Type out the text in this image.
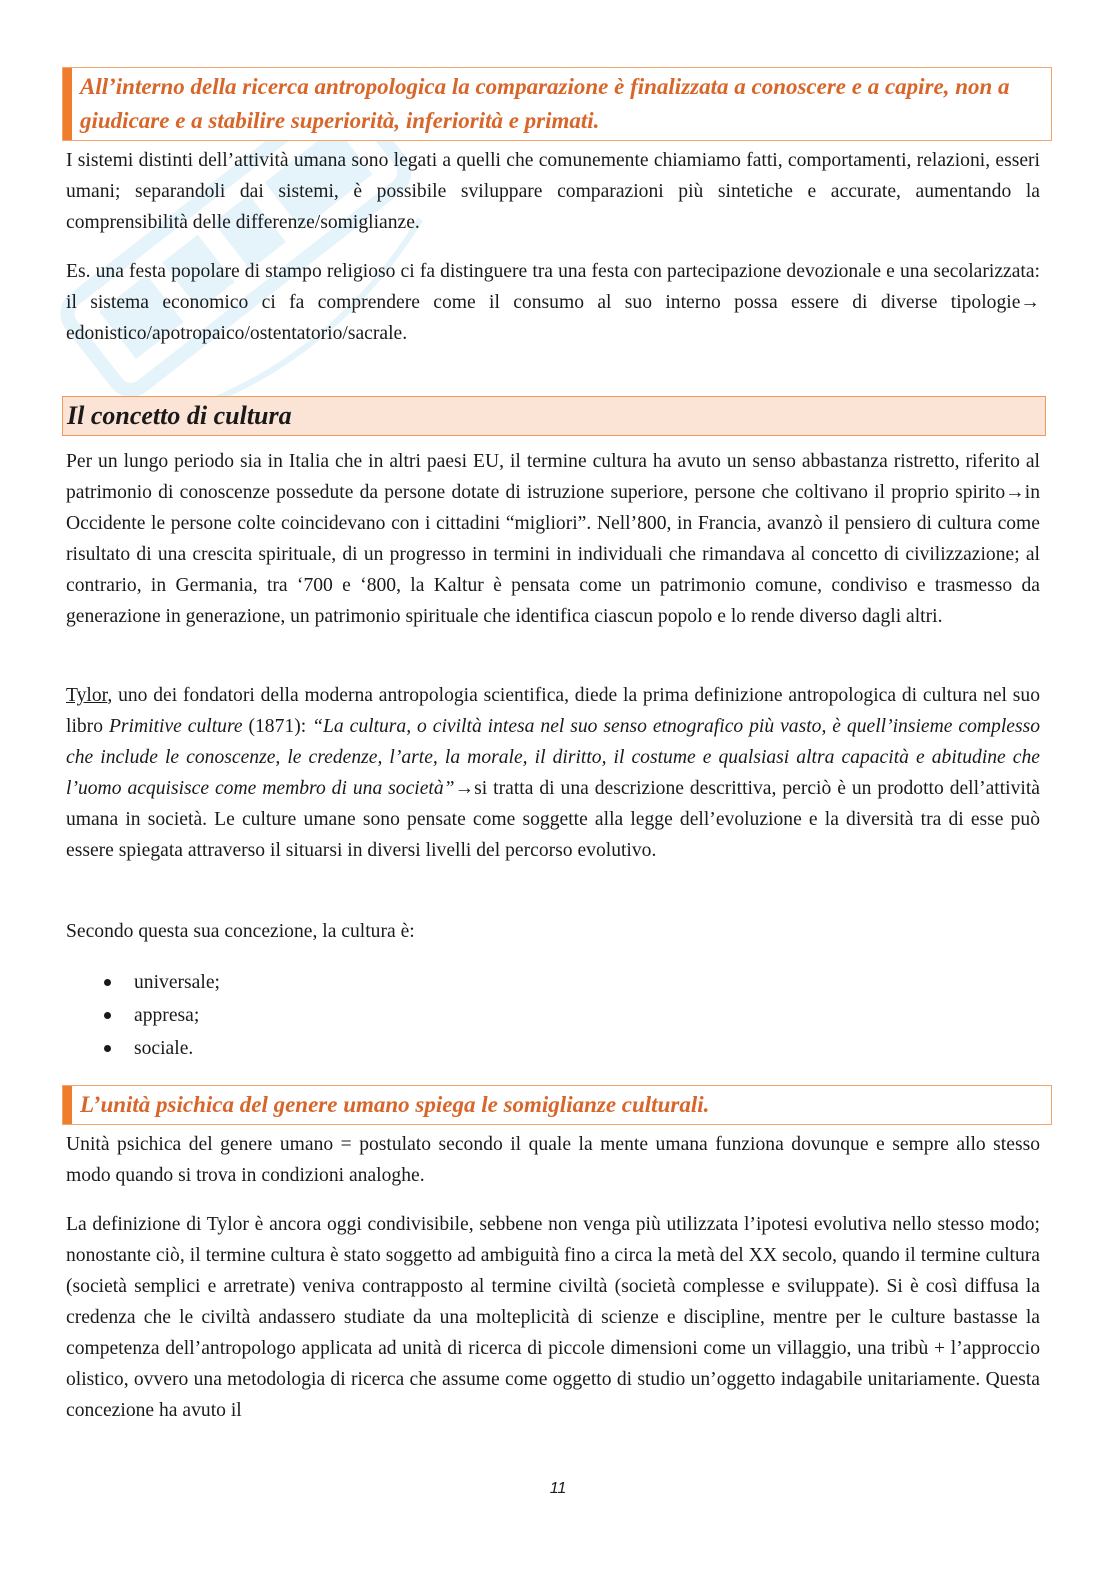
All’interno della ricerca antropologica la comparazione è finalizzata a conoscere e a capire, non a giudicare e a stabilire superiorità, inferiorità e primati.

I sistemi distinti dell’attività umana sono legati a quelli che comunemente chiamiamo fatti, comportamenti, relazioni, esseri umani; separandoli dai sistemi, è possibile sviluppare comparazioni più sintetiche e accurate, aumentando la comprensibilità delle differenze/somiglianze.

Es. una festa popolare di stampo religioso ci fa distinguere tra una festa con partecipazione devozionale e una secolarizzata: il sistema economico ci fa comprendere come il consumo al suo interno possa essere di diverse tipologie→ edonistico/apotropaico/ostentatorio/sacrale.

Il concetto di cultura

Per un lungo periodo sia in Italia che in altri paesi EU, il termine cultura ha avuto un senso abbastanza ristretto, riferito al patrimonio di conoscenze possedute da persone dotate di istruzione superiore, persone che coltivano il proprio spirito→in Occidente le persone colte coincidevano con i cittadini “migliori”. Nell’800, in Francia, avanzò il pensiero di cultura come risultato di una crescita spirituale, di un progresso in termini in individuali che rimandava al concetto di civilizzazione; al contrario, in Germania, tra ‘700 e ‘800, la Kaltur è pensata come un patrimonio comune, condiviso e trasmesso da generazione in generazione, un patrimonio spirituale che identifica ciascun popolo e lo rende diverso dagli altri.

Tylor, uno dei fondatori della moderna antropologia scientifica, diede la prima definizione antropologica di cultura nel suo libro Primitive culture (1871): “La cultura, o civiltà intesa nel suo senso etnografico più vasto, è quell’insieme complesso che include le conoscenze, le credenze, l’arte, la morale, il diritto, il costume e qualsiasi altra capacità e abitudine che l’uomo acquisisce come membro di una società”→si tratta di una descrizione descrittiva, perciò è un prodotto dell’attività umana in società. Le culture umane sono pensate come soggette alla legge dell’evoluzione e la diversità tra di esse può essere spiegata attraverso il situarsi in diversi livelli del percorso evolutivo.

Secondo questa sua concezione, la cultura è:

universale;
appresa;
sociale.
L’unità psichica del genere umano spiega le somiglianze culturali.

Unità psichica del genere umano = postulato secondo il quale la mente umana funziona dovunque e sempre allo stesso modo quando si trova in condizioni analoghe.

La definizione di Tylor è ancora oggi condivisibile, sebbene non venga più utilizzata l’ipotesi evolutiva nello stesso modo; nonostante ciò, il termine cultura è stato soggetto ad ambiguità fino a circa la metà del XX secolo, quando il termine cultura (società semplici e arretrate) veniva contrapposto al termine civiltà (società complesse e sviluppate). Si è così diffusa la credenza che le civiltà andassero studiate da una molteplicità di scienze e discipline, mentre per le culture bastasse la competenza dell’antropologo applicata ad unità di ricerca di piccole dimensioni come un villaggio, una tribù + l’approccio olistico, ovvero una metodologia di ricerca che assume come oggetto di studio un’oggetto indagabile unitariamente. Questa concezione ha avuto il

11
